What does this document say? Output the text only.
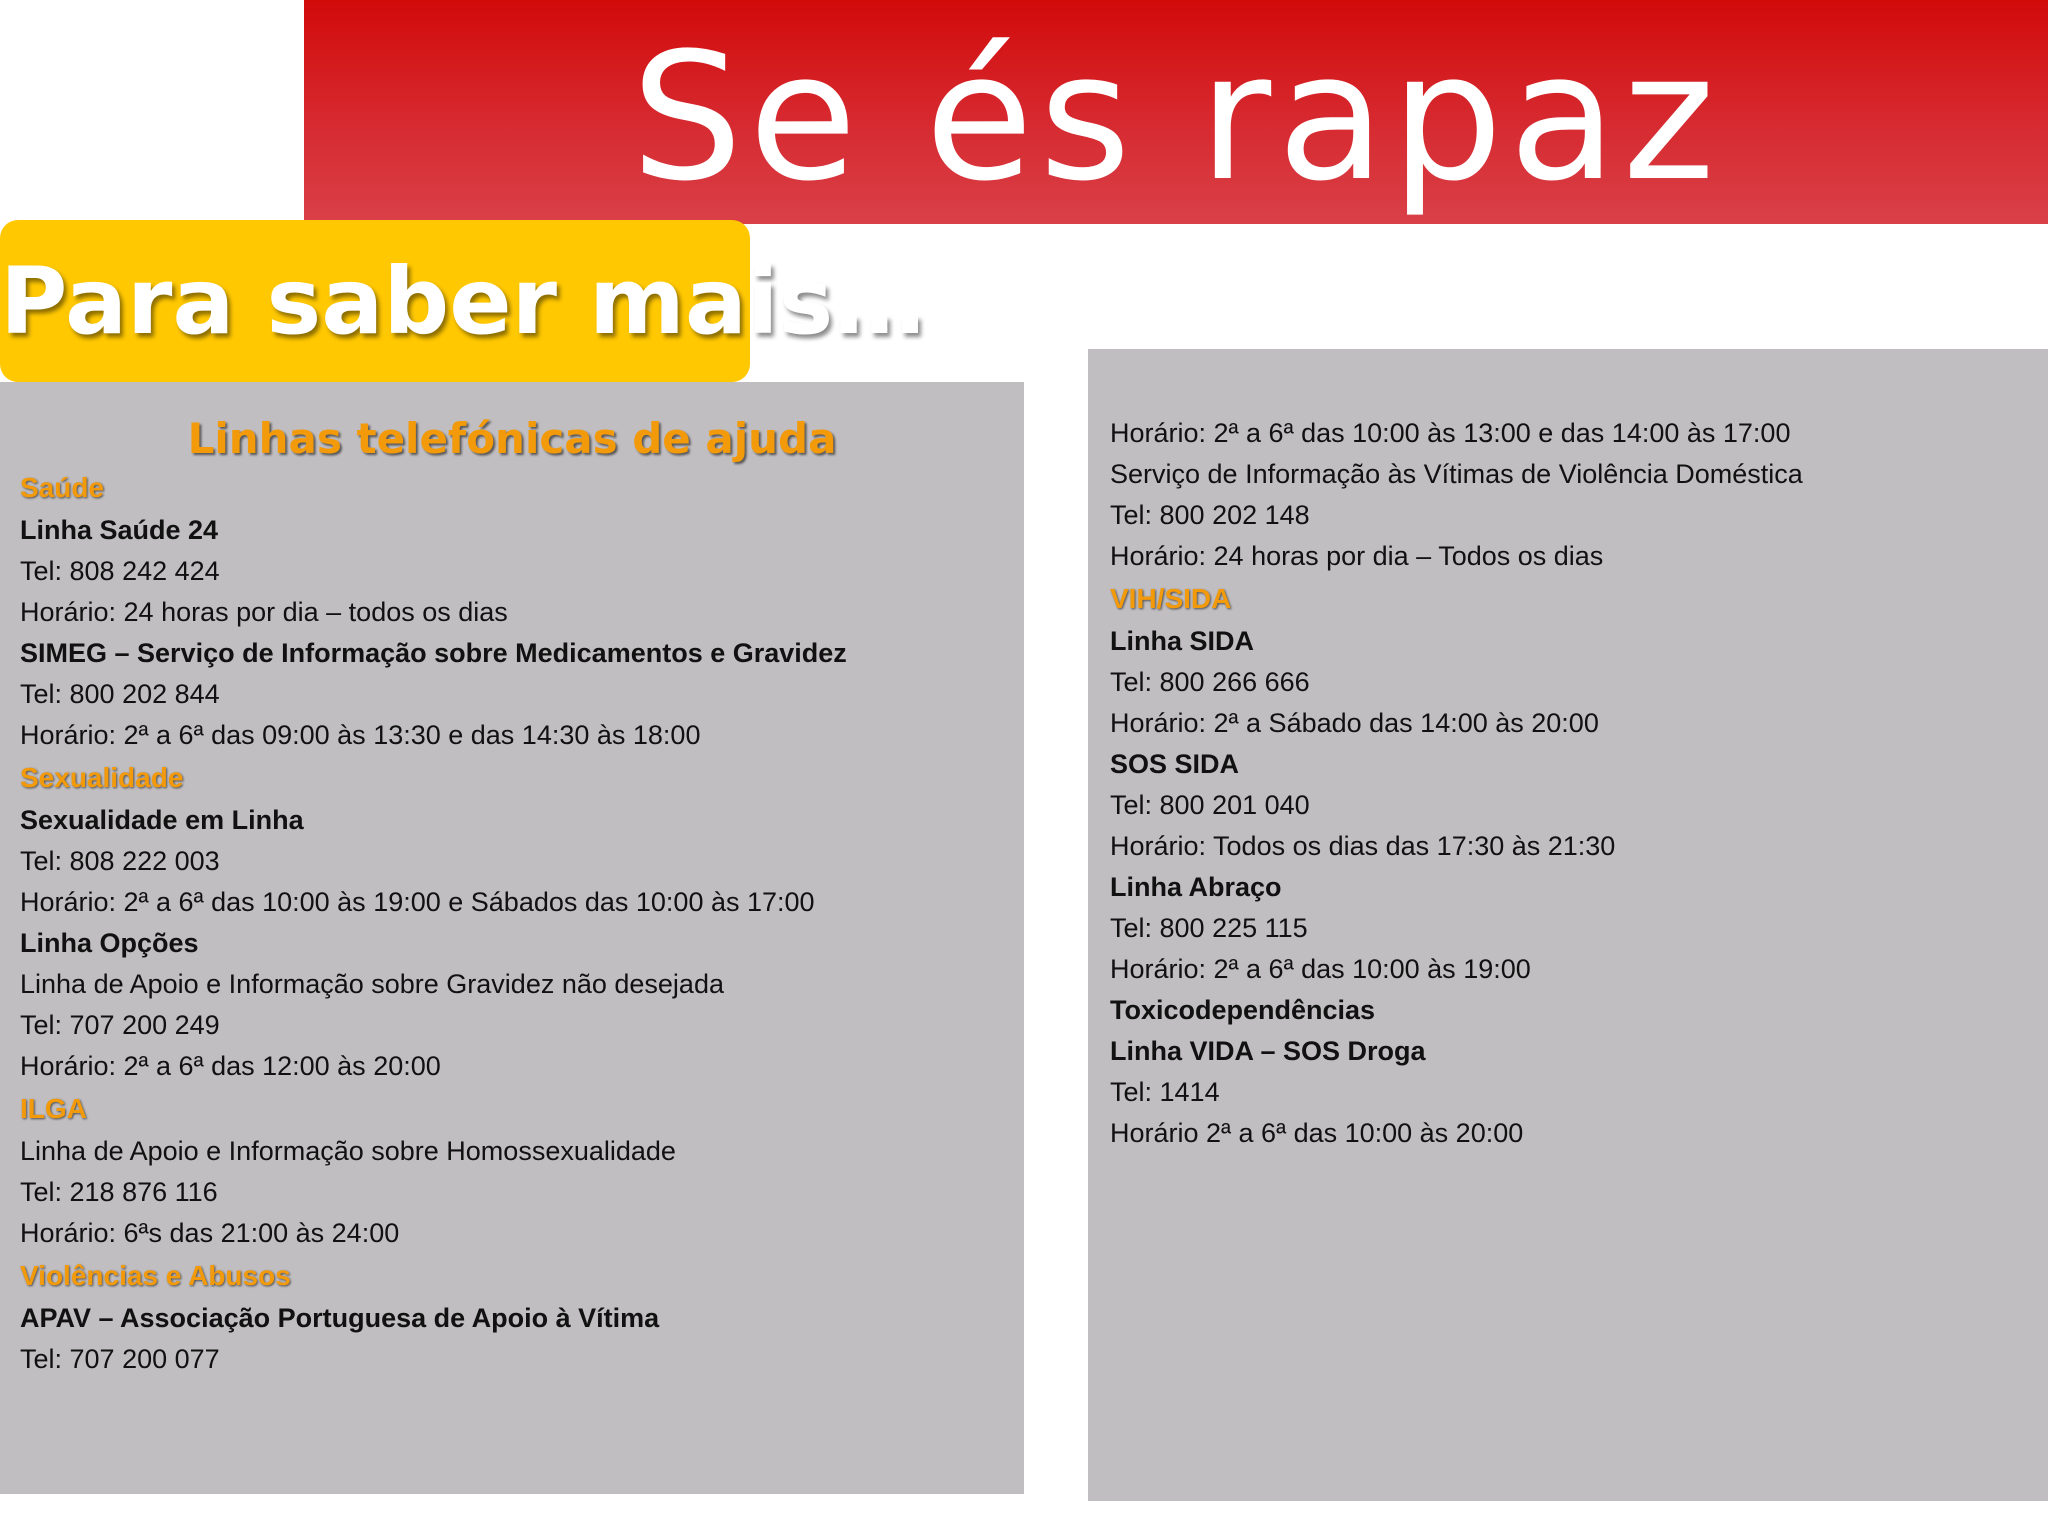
Se és rapaz
Para saber mais…
Linhas telefónicas de ajuda
Saúde
Linha Saúde 24
Tel: 808 242 424
Horário: 24 horas por dia – todos os dias
SIMEG – Serviço de Informação sobre Medicamentos e Gravidez
Tel: 800 202 844
Horário: 2ª a 6ª das 09:00 às 13:30 e das 14:30 às 18:00
Sexualidade
Sexualidade em Linha
Tel: 808 222 003
Horário: 2ª a 6ª das 10:00 às 19:00 e Sábados das 10:00 às 17:00
Linha Opções
Linha de Apoio e Informação sobre Gravidez não desejada
Tel: 707 200 249
Horário: 2ª a 6ª das 12:00 às 20:00
ILGA
Linha de Apoio e Informação sobre Homossexualidade
Tel: 218 876 116
Horário: 6ªs das 21:00 às 24:00
Violências e Abusos
APAV – Associação Portuguesa de Apoio à Vítima
Tel: 707 200 077
Horário: 2ª a 6ª das 10:00 às 13:00 e das 14:00 às 17:00
Serviço de Informação às Vítimas de Violência Doméstica
Tel: 800 202 148
Horário: 24 horas por dia – Todos os dias
VIH/SIDA
Linha SIDA
Tel: 800 266 666
Horário: 2ª a Sábado das 14:00 às 20:00
SOS SIDA
Tel: 800 201 040
Horário: Todos os dias das 17:30 às 21:30
Linha Abraço
Tel: 800 225 115
Horário: 2ª a 6ª das 10:00 às 19:00
Toxicodependências
Linha VIDA – SOS Droga
Tel: 1414
Horário 2ª a 6ª das 10:00 às 20:00
